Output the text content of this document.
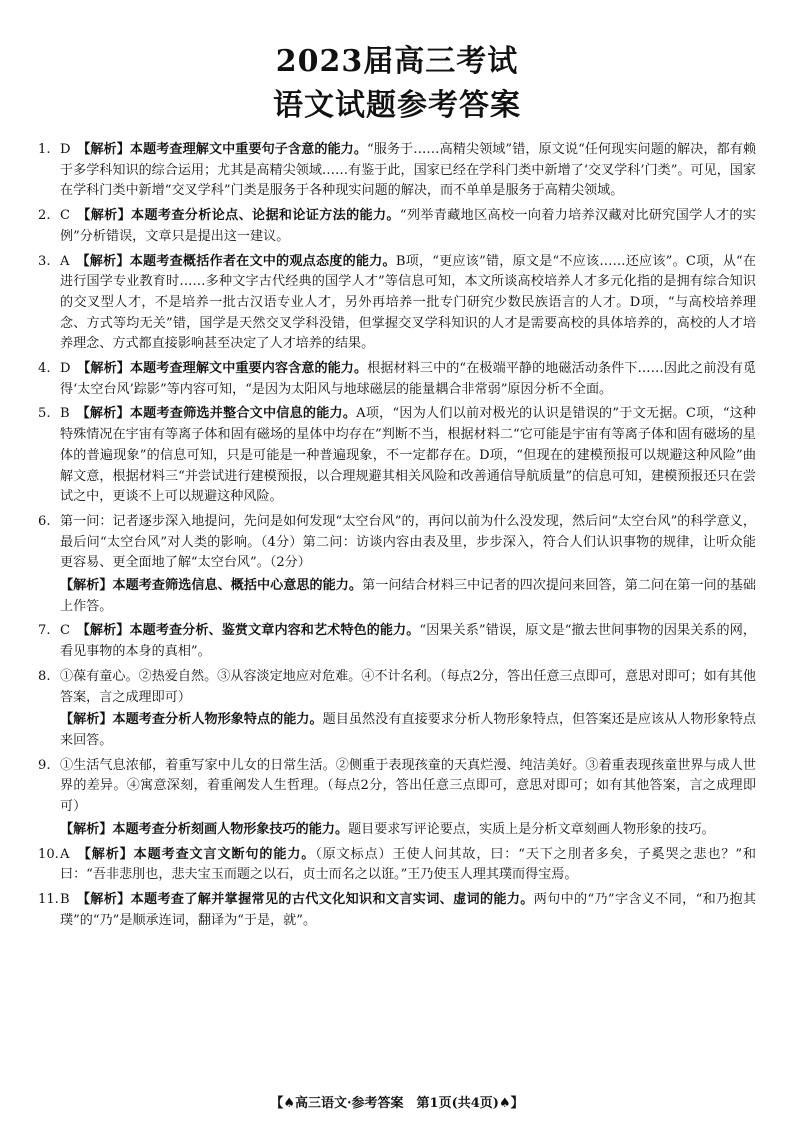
2023届高三考试
语文试题参考答案
1. D　 【解析】本题考查理解文中重要句子含意的能力。“服务于……高精尖领域”错，原文说“任何现实问题的解决，都有赖于多学科知识的综合运用；尤其是高精尖领域……有鉴于此，国家已经在学科门类中新增了‘交叉学科’门类”。可见，国家在学科门类中新增“交叉学科”门类是服务于各种现实问题的解决，而不单单是服务于高精尖领域。
2. C　 【解析】本题考查分析论点、论据和论证方法的能力。“列举青藏地区高校一向着力培养汉藏对比研究国学人才的实例”分析错误，文章只是提出这一建议。
3. A　 【解析】本题考查概括作者在文中的观点态度的能力。B项，“更应该”错，原文是“不应该……还应该”。C项，从“在进行国学专业教育时……多种文字古代经典的国学人才”等信息可知，本文所谈高校培养人才多元化指的是拥有综合知识的交叉型人才，不是培养一批古汉语专业人才，另外再培养一批专门研究少数民族语言的人才。D项，“与高校培养理念、方式等均无关”错，国学是天然交叉学科没错，但掌握交叉学科知识的人才是需要高校的具体培养的，高校的人才培养理念、方式都直接影响甚至决定了人才培养的结果。
4. D　 【解析】本题考查理解文中重要内容含意的能力。根据材料三中的“在极端平静的地磁活动条件下……因此之前没有觅得‘太空台风’踪影”等内容可知，“是因为太阳风与地球磁层的能量耦合非常弱”原因分析不全面。
5. B　 【解析】本题考查筛选并整合文中信息的能力。A项，“因为人们以前对极光的认识是错误的”于文无据。C项，“这种特殊情况在宇宙有等离子体和固有磁场的星体中均存在”判断不当，根据材料二“它可能是宇宙有等离子体和固有磁场的星体的普遍现象”的信息可知，只是可能是一种普遍现象，不一定都存在。D项，“但现在的建模预报可以规避这种风险”曲解文意，根据材料三“并尝试进行建模预报，以合理规避其相关风险和改善通信导航质量”的信息可知，建模预报还只在尝试之中，更谈不上可以规避这种风险。
6. 第一问：记者逐步深入地提问，先问是如何发现“太空台风”的，再问以前为什么没发现，然后问“太空台风”的科学意义，最后问“太空台风”对人类的影响。（4分）第二问：访谈内容由表及里，步步深入，符合人们认识事物的规律，让听众能更容易、更全面地了解“太空台风”。（2分）
【解析】本题考查筛选信息、概括中心意思的能力。第一问结合材料三中记者的四次提问来回答，第二问在第一问的基础上作答。
7. C　 【解析】本题考查分析、鉴赏文章内容和艺术特色的能力。“因果关系”错误，原文是“撤去世间事物的因果关系的网，看见事物的本身的真相”。
8. ①葆有童心。②热爱自然。③从容淡定地应对危难。④不计名利。（每点2分，答出任意三点即可，意思对即可；如有其他答案，言之成理即可）
【解析】本题考查分析人物形象特点的能力。题目虽然没有直接要求分析人物形象特点，但答案还是应该从人物形象特点来回答。
9. ①生活气息浓郁，着重写家中儿女的日常生活。②侧重于表现孩童的天真烂漫、纯洁美好。③着重表现孩童世界与成人世界的差异。④寓意深刻，着重阐发人生哲理。（每点2分，答出任意三点即可，意思对即可；如有其他答案，言之成理即可）
【解析】本题考查分析刻画人物形象技巧的能力。题目要求写评论要点，实质上是分析文章刻画人物形象的技巧。
10.A　 【解析】本题考查文言文断句的能力。（原文标点）王使人问其故，曰：“天下之刖者多矣，子奚哭之悲也？”和曰：“吾非悲刖也，悲夫宝玉而题之以石，贞士而名之以诳。”王乃使玉人理其璞而得宝焉。
11.B　 【解析】本题考查了解并掌握常见的古代文化知识和文言实词、虚词的能力。两句中的“乃”字含义不同，“和乃抱其璞”的“乃”是顺承连词，翻译为“于是，就”。
【♠高三语文·参考答案　第1页(共4页)♠】
